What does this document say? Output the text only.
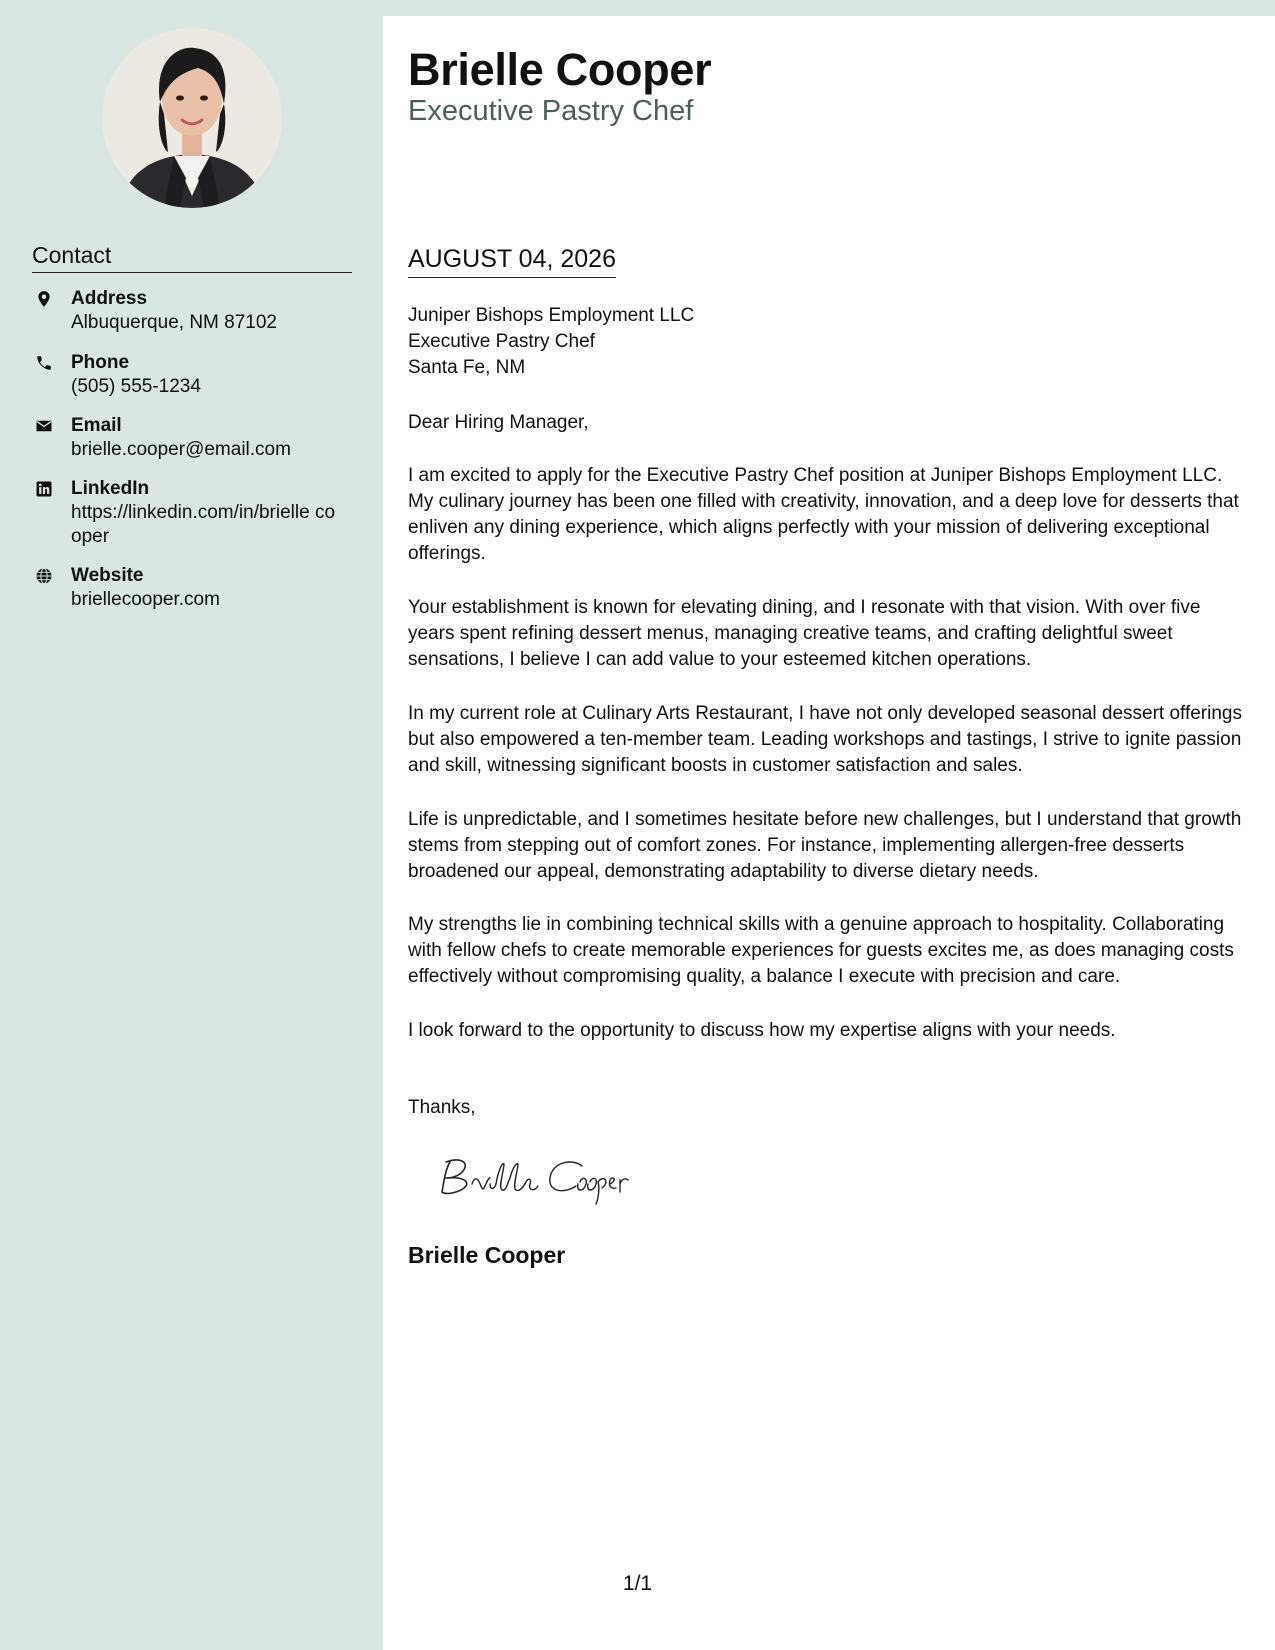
Contact
Address
Albuquerque, NM 87102
Phone
(505) 555-1234
Email
brielle.cooper@email.com
LinkedIn
https://linkedin.com/in/brielle cooper
Website
briellecooper.com
Brielle Cooper
Executive Pastry Chef
AUGUST 04, 2026
Juniper Bishops Employment LLC
Executive Pastry Chef
Santa Fe, NM
Dear Hiring Manager,

I am excited to apply for the Executive Pastry Chef position at Juniper Bishops Employment LLC. My culinary journey has been one filled with creativity, innovation, and a deep love for desserts that enliven any dining experience, which aligns perfectly with your mission of delivering exceptional offerings.

Your establishment is known for elevating dining, and I resonate with that vision. With over five years spent refining dessert menus, managing creative teams, and crafting delightful sweet sensations, I believe I can add value to your esteemed kitchen operations.

In my current role at Culinary Arts Restaurant, I have not only developed seasonal dessert offerings but also empowered a ten-member team. Leading workshops and tastings, I strive to ignite passion and skill, witnessing significant boosts in customer satisfaction and sales.

Life is unpredictable, and I sometimes hesitate before new challenges, but I understand that growth stems from stepping out of comfort zones. For instance, implementing allergen-free desserts broadened our appeal, demonstrating adaptability to diverse dietary needs.

My strengths lie in combining technical skills with a genuine approach to hospitality. Collaborating with fellow chefs to create memorable experiences for guests excites me, as does managing costs effectively without compromising quality, a balance I execute with precision and care.

I look forward to the opportunity to discuss how my expertise aligns with your needs.

Thanks,
Brielle Cooper
1/1
